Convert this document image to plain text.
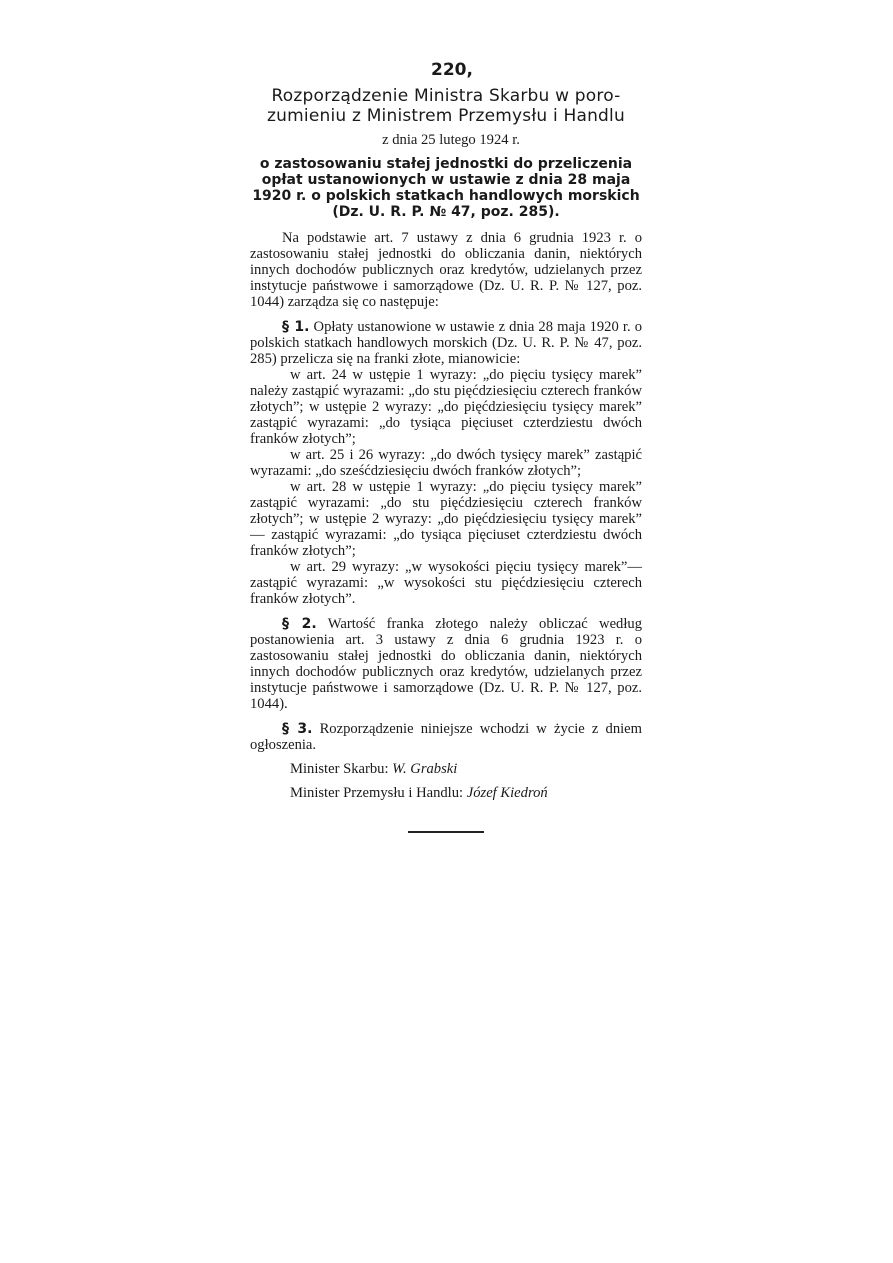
220,
Rozporządzenie Ministra Skarbu w poro-
zumieniu z Ministrem Przemysłu i Handlu
z dnia 25 lutego 1924 r.
o zastosowaniu stałej jednostki do przeliczenia opłat ustanowionych w ustawie z dnia 28 maja 1920 r. o polskich statkach handlowych morskich (Dz. U. R. P. № 47, poz. 285).

Na podstawie art. 7 ustawy z dnia 6 grudnia 1923 r. o zastosowaniu stałej jednostki do obliczania danin, niektórych innych dochodów publicznych oraz kredytów, udzielanych przez instytucje państwowe i samorządowe (Dz. U. R. P. № 127, poz. 1044) zarządza się co następuje:

§ 1. Opłaty ustanowione w ustawie z dnia 28 maja 1920 r. o polskich statkach handlowych morskich (Dz. U. R. P. № 47, poz. 285) przelicza się na franki złote, mianowicie:

w art. 24 w ustępie 1 wyrazy: „do pięciu tysięcy marek” należy zastąpić wyrazami: „do stu pięćdziesięciu czterech franków złotych”; w ustępie 2 wyrazy: „do pięćdziesięciu tysięcy marek” zastąpić wyrazami: „do tysiąca pięciuset czterdziestu dwóch franków złotych”;

w art. 25 i 26 wyrazy: „do dwóch tysięcy marek” zastąpić wyrazami: „do sześćdziesięciu dwóch franków złotych”;

w art. 28 w ustępie 1 wyrazy: „do pięciu tysięcy marek” zastąpić wyrazami: „do stu pięćdziesięciu czterech franków złotych”; w ustępie 2 wyrazy: „do pięćdziesięciu tysięcy marek” — zastąpić wyrazami: „do tysiąca pięciuset czterdziestu dwóch franków złotych”;

w art. 29 wyrazy: „w wysokości pięciu tysięcy marek”—zastąpić wyrazami: „w wysokości stu pięćdziesięciu czterech franków złotych”.

§ 2. Wartość franka złotego należy obliczać według postanowienia art. 3 ustawy z dnia 6 grudnia 1923 r. o zastosowaniu stałej jednostki do obliczania danin, niektórych innych dochodów publicznych oraz kredytów, udzielanych przez instytucje państwowe i samorządowe (Dz. U. R. P. № 127, poz. 1044).

§ 3. Rozporządzenie niniejsze wchodzi w życie z dniem ogłoszenia.

Minister Skarbu: W. Grabski
Minister Przemysłu i Handlu: Józef Kiedroń
